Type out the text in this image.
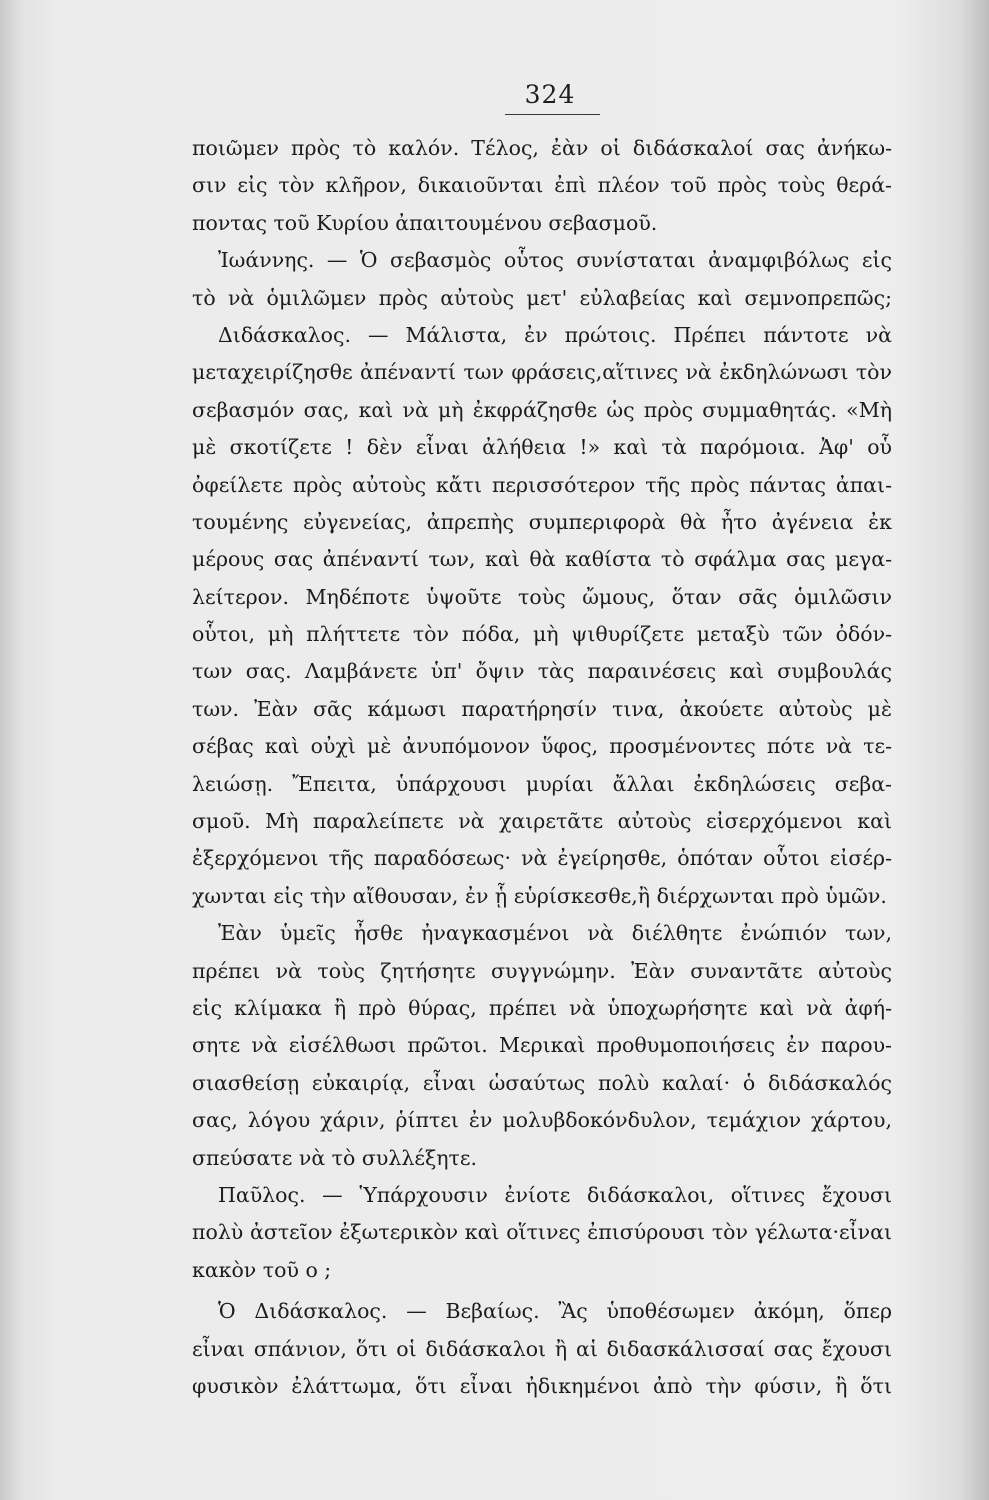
324
ποιῶμεν πρὸς τὸ καλόν. Τέλος, ἐὰν οἱ διδάσκαλοί σας ἀνήκω-
σιν εἰς τὸν κλῆρον, δικαιοῦνται ἐπὶ πλέον τοῦ πρὸς τοὺς θερά-
ποντας τοῦ Κυρίου ἀπαιτουμένου σεβασμοῦ.
Ἰωάννης. — Ὁ σεβασμὸς οὗτος συνίσταται ἀναμφιβόλως εἰς
τὸ νὰ ὁμιλῶμεν πρὸς αὐτοὺς μετ' εὐλαβείας καὶ σεμνοπρεπῶς;
Διδάσκαλος. — Μάλιστα, ἐν πρώτοις. Πρέπει πάντοτε νὰ
μεταχειρίζησθε ἀπέναντί των φράσεις,αἵτινες νὰ ἐκδηλώνωσι τὸν
σεβασμόν σας, καὶ νὰ μὴ ἐκφράζησθε ὡς πρὸς συμμαθητάς. «Μὴ
μὲ σκοτίζετε ! δὲν εἶναι ἀλήθεια !» καὶ τὰ παρόμοια. Ἀφ' οὗ
ὀφείλετε πρὸς αὐτοὺς κἄτι περισσότερον τῆς πρὸς πάντας ἀπαι-
τουμένης εὐγενείας, ἀπρεπὴς συμπεριφορὰ θὰ ἦτο ἀγένεια ἐκ
μέρους σας ἀπέναντί των, καὶ θὰ καθίστα τὸ σφάλμα σας μεγα-
λείτερον. Μηδέποτε ὑψοῦτε τοὺς ὤμους, ὅταν σᾶς ὁμιλῶσιν
οὗτοι, μὴ πλήττετε τὸν πόδα, μὴ ψιθυρίζετε μεταξὺ τῶν ὀδόν-
των σας. Λαμβάνετε ὑπ' ὄψιν τὰς παραινέσεις καὶ συμβουλάς
των. Ἐὰν σᾶς κάμωσι παρατήρησίν τινα, ἀκούετε αὐτοὺς μὲ
σέβας καὶ οὐχὶ μὲ ἀνυπόμονον ὕφος, προσμένοντες πότε νὰ τε-
λειώσῃ. Ἔπειτα, ὑπάρχουσι μυρίαι ἄλλαι ἐκδηλώσεις σεβα-
σμοῦ. Μὴ παραλείπετε νὰ χαιρετᾶτε αὐτοὺς εἰσερχόμενοι καὶ
ἐξερχόμενοι τῆς παραδόσεως· νὰ ἐγείρησθε, ὁπόταν οὗτοι εἰσέρ-
χωνται εἰς τὴν αἴθουσαν, ἐν ᾗ εὑρίσκεσθε,ἢ διέρχωνται πρὸ ὑμῶν.
Ἐὰν ὑμεῖς ἦσθε ἠναγκασμένοι νὰ διέλθητε ἐνώπιόν των,
πρέπει νὰ τοὺς ζητήσητε συγγνώμην. Ἐὰν συναντᾶτε αὐτοὺς
εἰς κλίμακα ἢ πρὸ θύρας, πρέπει νὰ ὑποχωρήσητε καὶ νὰ ἀφή-
σητε νὰ εἰσέλθωσι πρῶτοι. Μερικαὶ προθυμοποιήσεις ἐν παρου-
σιασθείσῃ εὐκαιρίᾳ, εἶναι ὡσαύτως πολὺ καλαί· ὁ διδάσκαλός
σας, λόγου χάριν, ῥίπτει ἐν μολυβδοκόνδυλον, τεμάχιον χάρτου,
σπεύσατε νὰ τὸ συλλέξητε.
Παῦλος. — Ὑπάρχουσιν ἐνίοτε διδάσκαλοι, οἵτινες ἔχουσι
πολὺ ἀστεῖον ἐξωτερικὸν καὶ οἵτινες ἐπισύρουσι τὸν γέλωτα·εἶναι
κακὸν τοῦ ο ;
Ὁ Διδάσκαλος. — Βεβαίως. Ἂς ὑποθέσωμεν ἀκόμη, ὅπερ
εἶναι σπάνιον, ὅτι οἱ διδάσκαλοι ἢ αἱ διδασκάλισσαί σας ἔχουσι
φυσικὸν ἐλάττωμα, ὅτι εἶναι ἠδικημένοι ἀπὸ τὴν φύσιν, ἢ ὅτι
